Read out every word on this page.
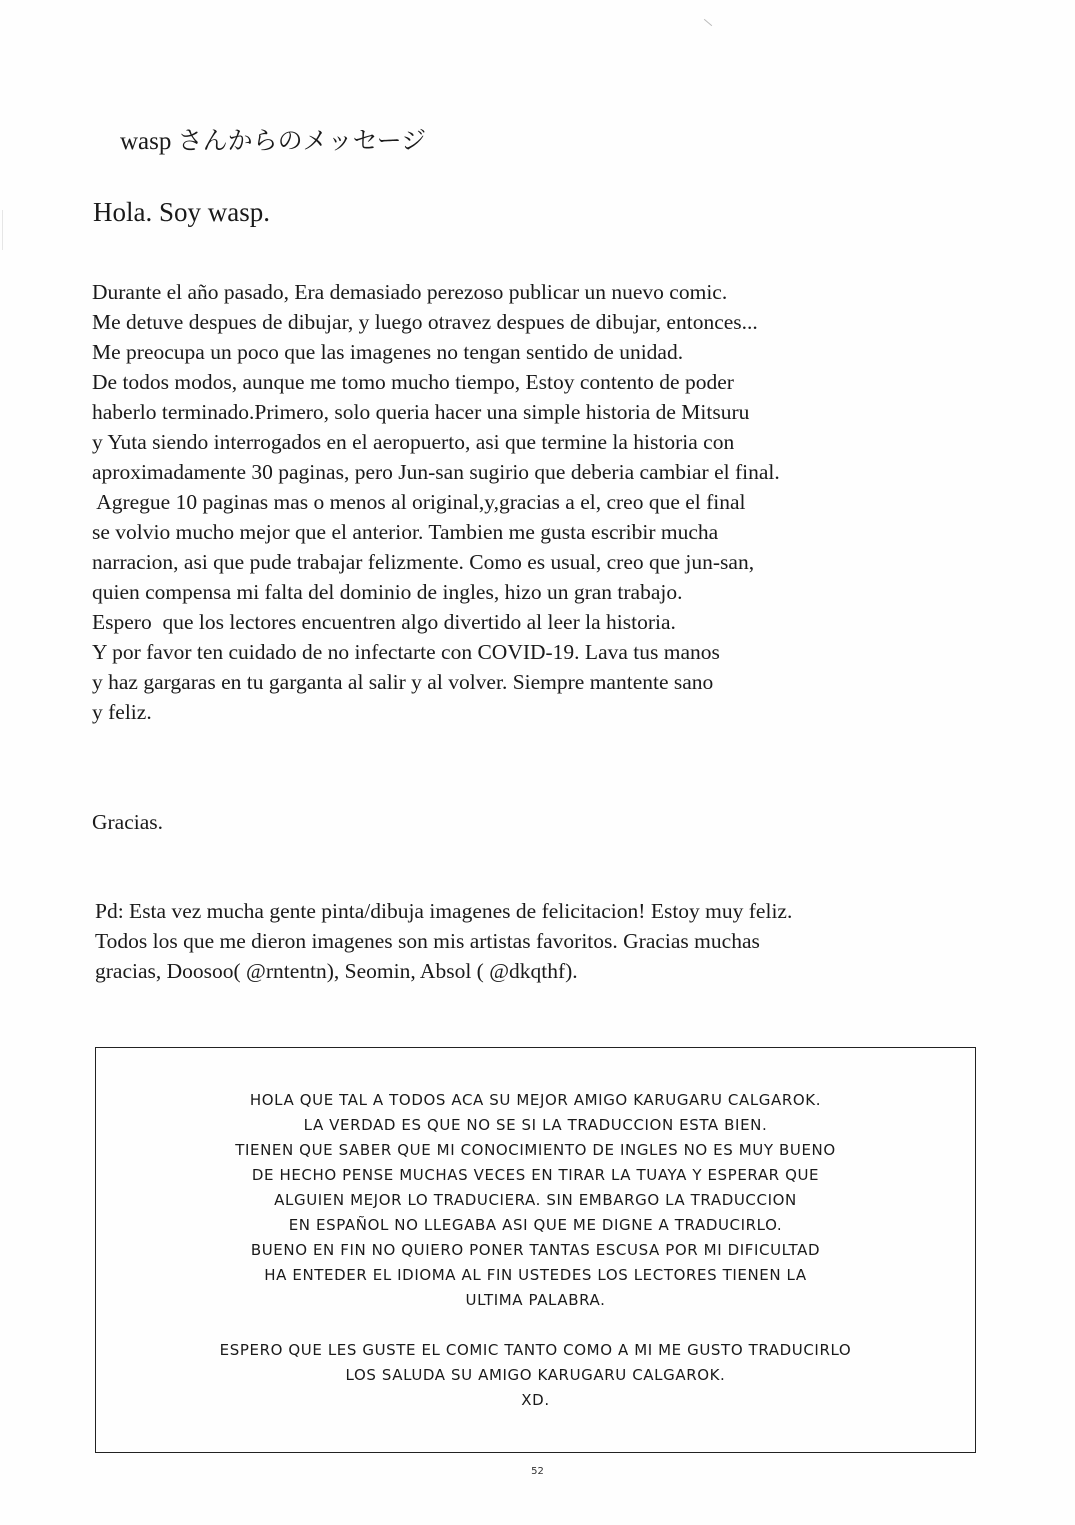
wasp さんからのメッセージ
Hola. Soy wasp.
Durante el año pasado, Era demasiado perezoso publicar un nuevo comic.
Me detuve despues de dibujar, y luego otravez despues de dibujar, entonces...
Me preocupa un poco que las imagenes no tengan sentido de unidad.
De todos modos, aunque me tomo mucho tiempo, Estoy contento de poder
haberlo terminado.Primero, solo queria hacer una simple historia de Mitsuru
y Yuta siendo interrogados en el aeropuerto, asi que termine la historia con
aproximadamente 30 paginas, pero Jun-san sugirio que deberia cambiar el final.
Agregue 10 paginas mas o menos al original,y,gracias a el, creo que el final
se volvio mucho mejor que el anterior. Tambien me gusta escribir mucha
narracion, asi que pude trabajar felizmente. Como es usual, creo que jun-san,
quien compensa mi falta del dominio de ingles, hizo un gran trabajo.
Espero  que los lectores encuentren algo divertido al leer la historia.
Y por favor ten cuidado de no infectarte con COVID-19. Lava tus manos
y haz gargaras en tu garganta al salir y al volver. Siempre mantente sano
y feliz.
Gracias.
Pd: Esta vez mucha gente pinta/dibuja imagenes de felicitacion! Estoy muy feliz.
Todos los que me dieron imagenes son mis artistas favoritos. Gracias muchas
gracias, Doosoo( @rntentn), Seomin, Absol ( @dkqthf).
HOLA QUE TAL A TODOS ACA SU MEJOR AMIGO KARUGARU CALGAROK.
LA VERDAD ES QUE NO SE SI LA TRADUCCION ESTA BIEN.
TIENEN QUE SABER QUE MI CONOCIMIENTO DE INGLES NO ES MUY BUENO
DE HECHO PENSE MUCHAS VECES EN TIRAR LA TUAYA Y ESPERAR QUE
ALGUIEN MEJOR LO TRADUCIERA. SIN EMBARGO LA TRADUCCION
EN ESPAÑOL NO LLEGABA ASI QUE ME DIGNE A TRADUCIRLO.
BUENO EN FIN NO QUIERO PONER TANTAS ESCUSA POR MI DIFICULTAD
HA ENTEDER EL IDIOMA AL FIN USTEDES LOS LECTORES TIENEN LA
ULTIMA PALABRA.
ESPERO QUE LES GUSTE EL COMIC TANTO COMO A MI ME GUSTO TRADUCIRLO
LOS SALUDA SU AMIGO KARUGARU CALGAROK.
XD.
52
